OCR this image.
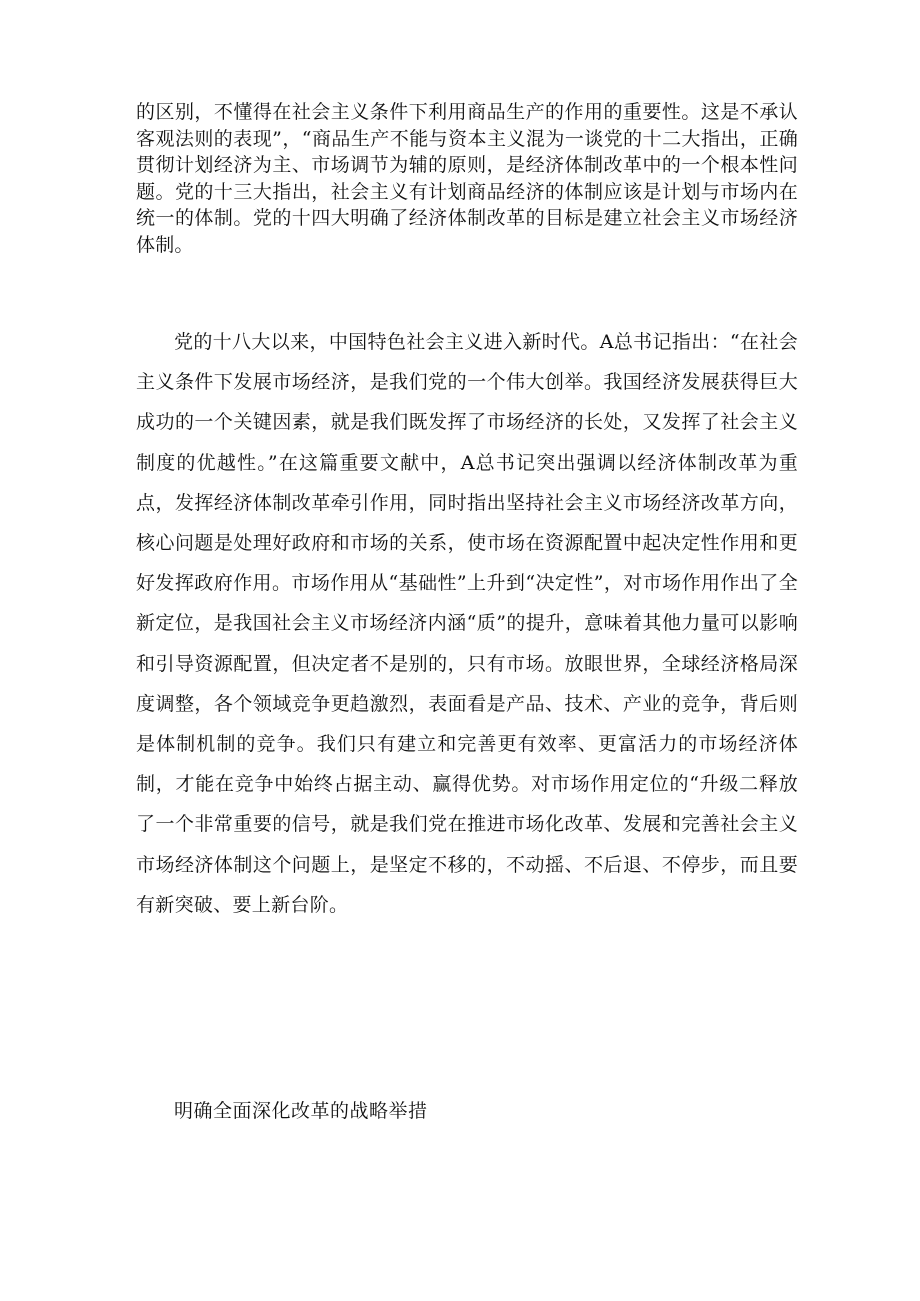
的区别，不懂得在社会主义条件下利用商品生产的作用的重要性。这是不承认客观法则的表现”，“商品生产不能与资本主义混为一谈党的十二大指出，正确贯彻计划经济为主、市场调节为辅的原则，是经济体制改革中的一个根本性问题。党的十三大指出，社会主义有计划商品经济的体制应该是计划与市场内在统一的体制。党的十四大明确了经济体制改革的目标是建立社会主义市场经济体制。

党的十八大以来，中国特色社会主义进入新时代。A总书记指出：“在社会主义条件下发展市场经济，是我们党的一个伟大创举。我国经济发展获得巨大成功的一个关键因素，就是我们既发挥了市场经济的长处，又发挥了社会主义制度的优越性。”在这篇重要文献中，A总书记突出强调以经济体制改革为重点，发挥经济体制改革牵引作用，同时指出坚持社会主义市场经济改革方向，核心问题是处理好政府和市场的关系，使市场在资源配置中起决定性作用和更好发挥政府作用。市场作用从“基础性”上升到“决定性”，对市场作用作出了全新定位，是我国社会主义市场经济内涵“质”的提升，意味着其他力量可以影响和引导资源配置，但决定者不是别的，只有市场。放眼世界，全球经济格局深度调整，各个领域竞争更趋激烈，表面看是产品、技术、产业的竞争，背后则是体制机制的竞争。我们只有建立和完善更有效率、更富活力的市场经济体制，才能在竞争中始终占据主动、赢得优势。对市场作用定位的“升级二释放了一个非常重要的信号，就是我们党在推进市场化改革、发展和完善社会主义市场经济体制这个问题上，是坚定不移的，不动摇、不后退、不停步，而且要有新突破、要上新台阶。

明确全面深化改革的战略举措
